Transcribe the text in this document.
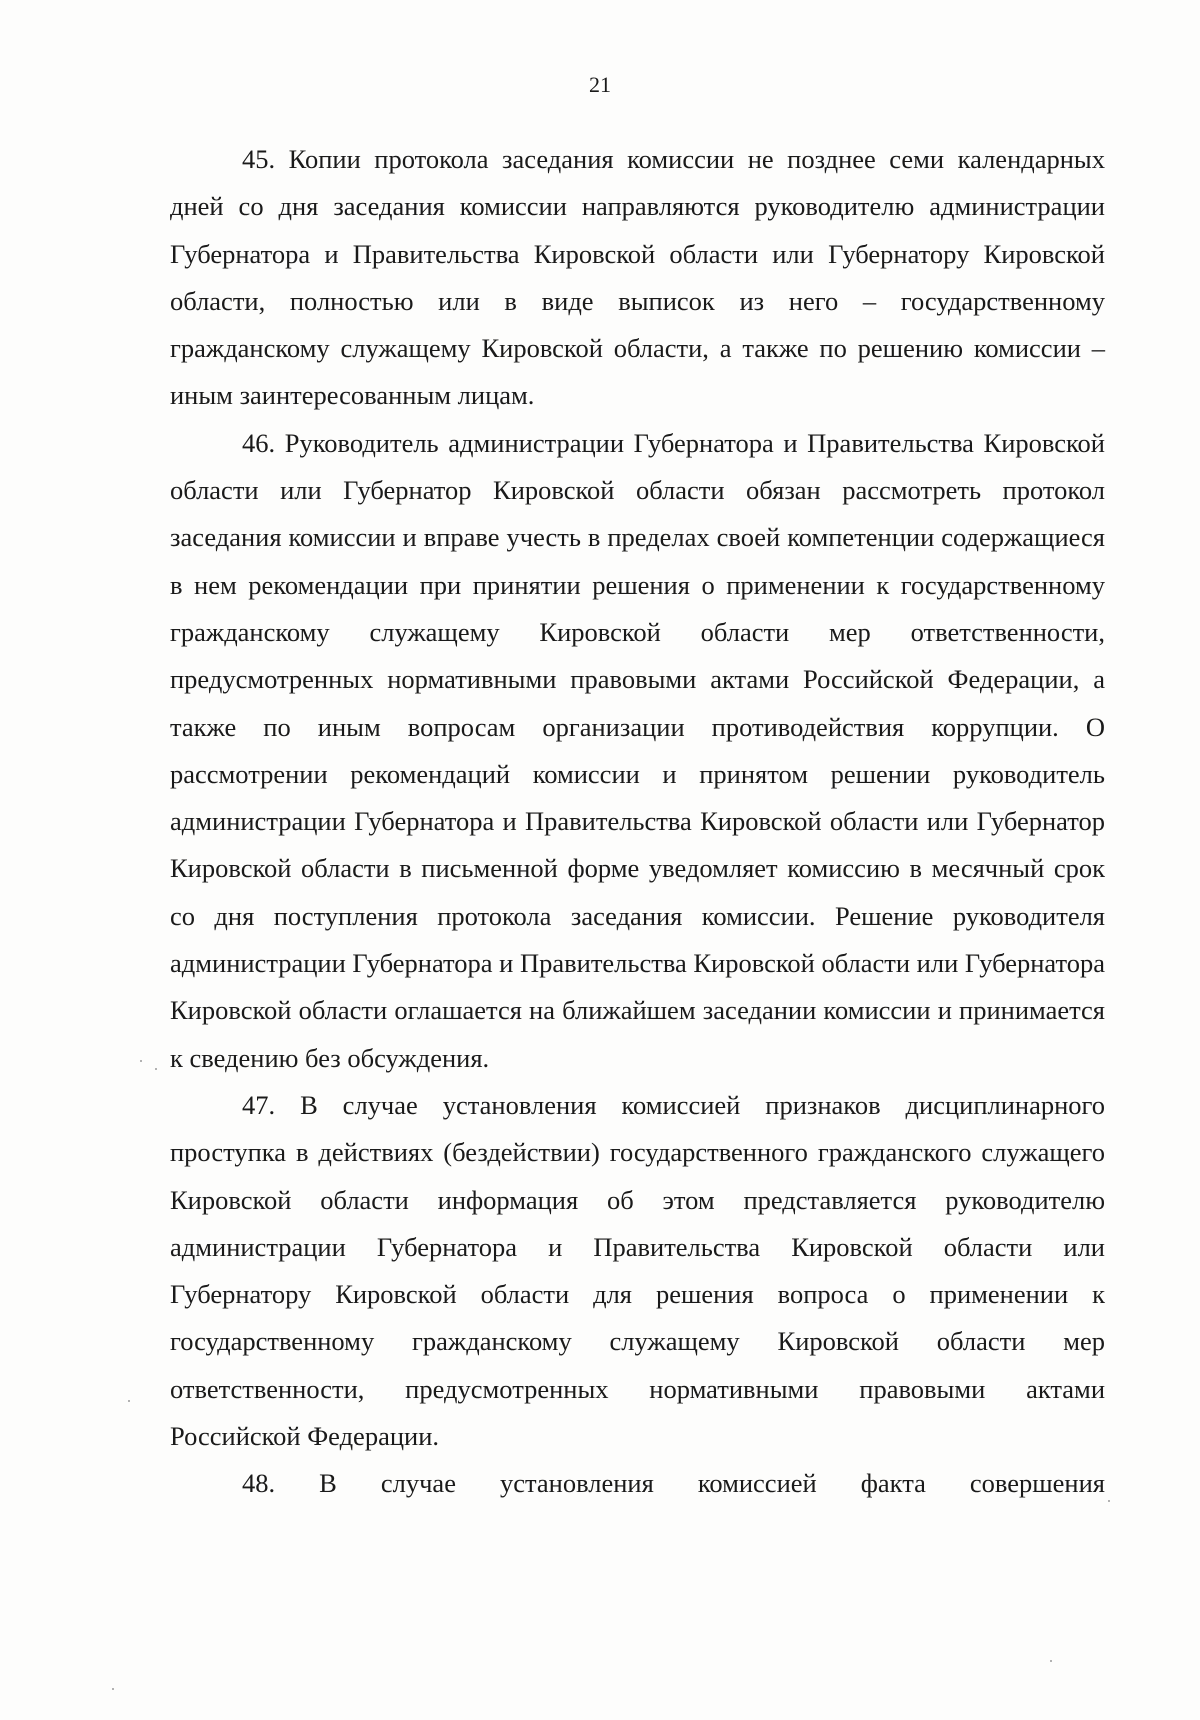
21

45. Копии протокола заседания комиссии не позднее семи календарных дней со дня заседания комиссии направляются руководителю администрации Губернатора и Правительства Кировской области или Губернатору Кировской области, полностью или в виде выписок из него – государственному гражданскому служащему Кировской области, а также по решению комиссии – иным заинтересованным лицам.

46. Руководитель администрации Губернатора и Правительства Кировской области или Губернатор Кировской области обязан рассмотреть протокол заседания комиссии и вправе учесть в пределах своей компетенции содержащиеся в нем рекомендации при принятии решения о применении к государственному гражданскому служащему Кировской области мер ответственности, предусмотренных нормативными правовыми актами Российской Федерации, а также по иным вопросам организации противодействия коррупции. О рассмотрении рекомендаций комиссии и принятом решении руководитель администрации Губернатора и Правительства Кировской области или Губернатор Кировской области в письменной форме уведомляет комиссию в месячный срок со дня поступления протокола заседания комиссии. Решение руководителя администрации Губернатора и Правительства Кировской области или Губернатора Кировской области оглашается на ближайшем заседании комиссии и принимается к сведению без обсуждения.

47. В случае установления комиссией признаков дисциплинарного проступка в действиях (бездействии) государственного гражданского служащего Кировской области информация об этом представляется руководителю администрации Губернатора и Правительства Кировской области или Губернатору Кировской области для решения вопроса о применении к государственному гражданскому служащему Кировской области мер ответственности, предусмотренных нормативными правовыми актами Российской Федерации.

48. В случае установления комиссией факта совершения
